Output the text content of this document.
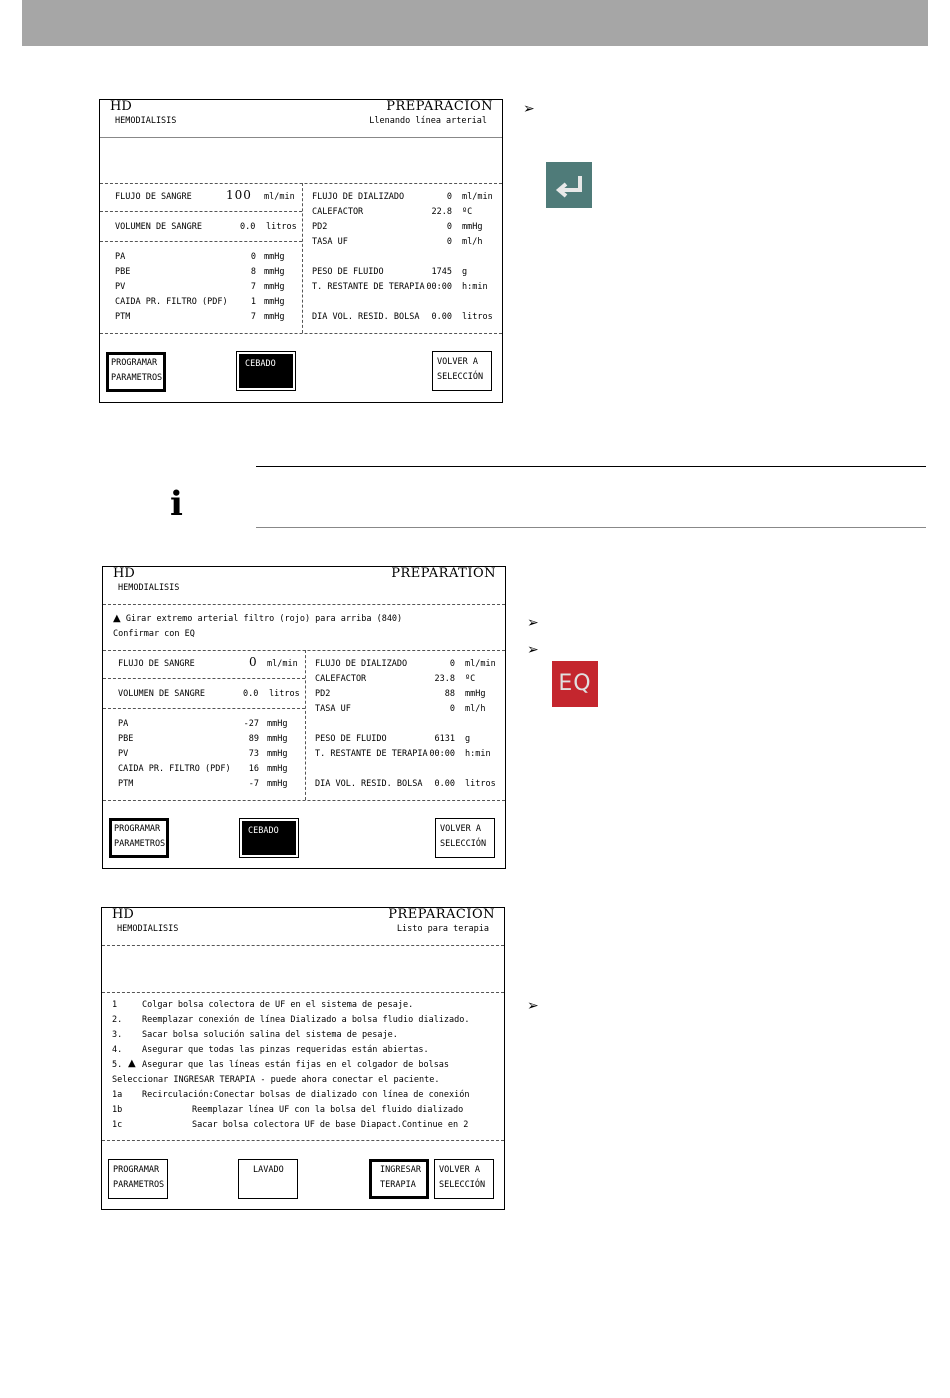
HD	PREPARACION
HEMODIALISIS	Llenando línea arterial
FLUJO DE SANGRE	100 ml/min
VOLUMEN DE SANGRE	0.0 litros
PA	0 mmHg
PBE	8 mmHg
PV	7 mmHg
CAIDA PR. FILTRO (PDF)	1 mmHg
PTM	7 mmHg
FLUJO DE DIALIZADO	0 ml/min
CALEFACTOR	22.8 ºC
PD2	0 mmHg
TASA UF	0 ml/h
PESO DE FLUIDO	1745 g
T. RESTANTE DE TERAPIA 00:00 h:min
DIA VOL. RESID. BOLSA 0.00 litros
PROGRAMAR
PARAMETROS
CEBADO	VOLVER A
SELECCIÓN
➢
i
HD	PREPARATION
HEMODIALISIS
▲ Girar extremo arterial filtro (rojo) para arriba (840)
Confirmar con EQ
FLUJO DE SANGRE	0 ml/min
VOLUMEN DE SANGRE	0.0 litros
PA	-27 mmHg
PBE	89 mmHg
PV	73 mmHg
CAIDA PR. FILTRO (PDF) 16 mmHg
PTM	-7 mmHg
FLUJO DE DIALIZADO	0 ml/min
CALEFACTOR	23.8 ºC
PD2	88 mmHg
TASA UF	0 ml/h
PESO DE FLUIDO	6131 g
T. RESTANTE DE TERAPIA 00:00 h:min
DIA VOL. RESID. BOLSA 0.00 litros
PROGRAMAR
PARAMETROS
CEBADO	VOLVER A
SELECCIÓN
➢
➢
EQ
HD	PREPARACION
HEMODIALISIS	Listo para terapia
1	Colgar bolsa colectora de UF en el sistema de pesaje.
2. Reemplazar conexión de línea Dializado a bolsa fludio dializado.
3. Sacar bolsa solución salina del sistema de pesaje.
4. Asegurar que todas las pinzas requeridas están abiertas.
5. ▲ Asegurar que las líneas están fijas en el colgador de bolsas
Seleccionar INGRESAR TERAPIA - puede ahora conectar el paciente.
1a Recirculación:Conectar bolsas de dializado con línea de conexión
1b	Reemplazar línea UF con la bolsa del fluido dializado
1c	Sacar bolsa colectora UF de base Diapact.Continue en 2
PROGRAMAR
PARAMETROS
LAVADO	INGRESAR
TERAPIA
VOLVER A
SELECCIÓN
➢
